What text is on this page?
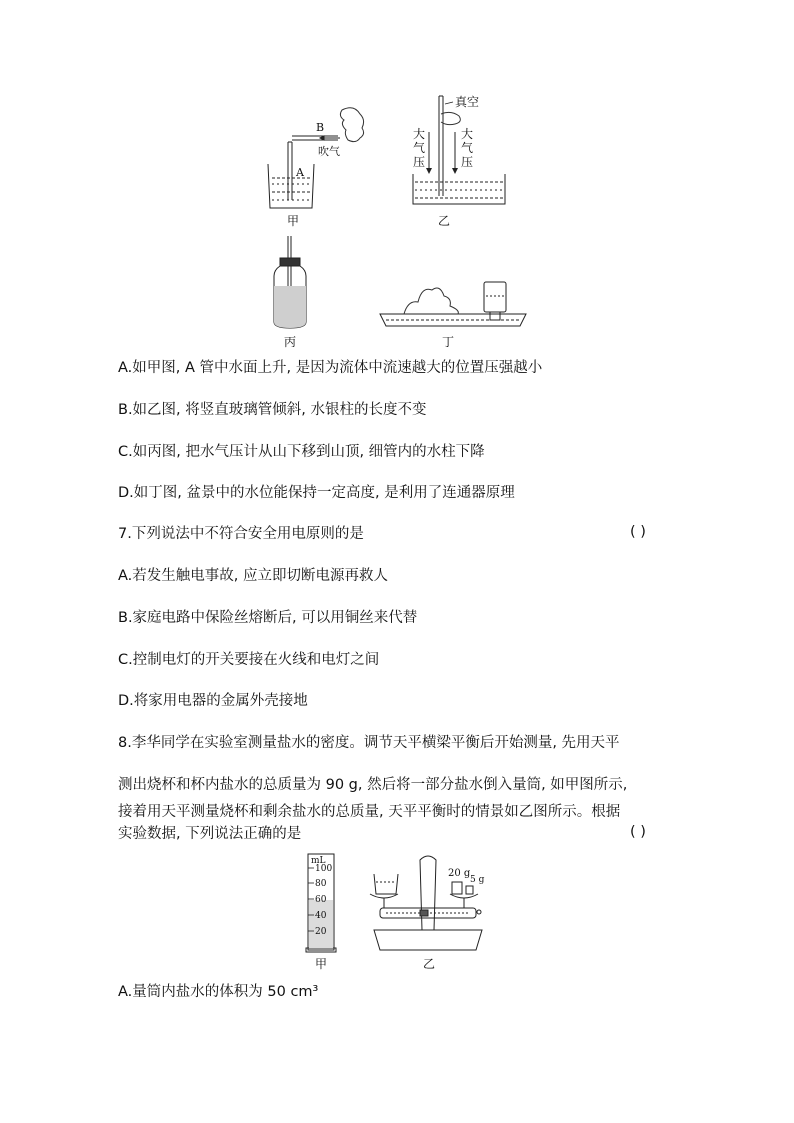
B
吹气
A
甲
真空
大
气
压
大
气
压
乙
丙	丁
A.如甲图, A 管中水面上升, 是因为流体中流速越大的位置压强越小
B.如乙图, 将竖直玻璃管倾斜, 水银柱的长度不变
C.如丙图, 把水气压计从山下移到山顶, 细管内的水柱下降
D.如丁图, 盆景中的水位能保持一定高度, 是利用了连通器原理
7.下列说法中不符合安全用电原则的是	( )
A.若发生触电事故, 应立即切断电源再救人
B.家庭电路中保险丝熔断后, 可以用铜丝来代替
C.控制电灯的开关要接在火线和电灯之间
D.将家用电器的金属外壳接地
8.李华同学在实验室测量盐水的密度。调节天平横梁平衡后开始测量, 先用天平
测出烧杯和杯内盐水的总质量为 90 g, 然后将一部分盐水倒入量筒, 如甲图所示,
接着用天平测量烧杯和剩余盐水的总质量, 天平平衡时的情景如乙图所示。根据
实验数据, 下列说法正确的是	( )
mL
100
80
60
40
20
甲
20 g
5 g
乙
A.量筒内盐水的体积为 50 cm³
